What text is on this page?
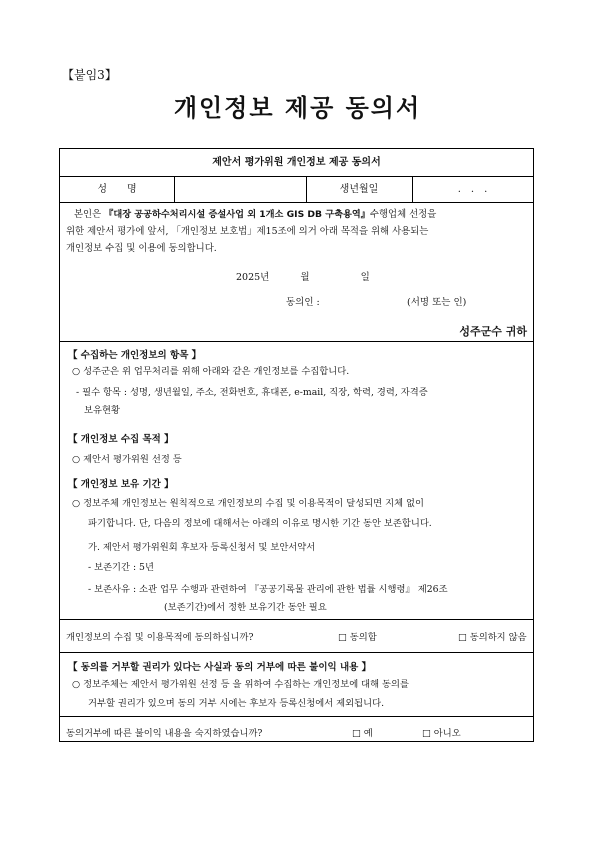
【붙임3】
개인정보 제공 동의서
제안서 평가위원 개인정보 제공 동의서
성　　명	생년월일	.　.　.

본인은 『대장 공공하수처리시설 증설사업 외 1개소 GIS DB 구축용역』수행업체 선정을

위한 제안서 평가에 앞서, 「개인정보 보호법」제15조에 의거 아래 목적을 위해 사용되는
개인정보 수집 및 이용에 동의합니다.
2025년	월	일
동의인 :	(서명 또는 인)
성주군수 귀하
【 수집하는 개인정보의 항목 】
○ 성주군은 위 업무처리를 위해 아래와 같은 개인정보를 수집합니다.
- 필수 항목 : 성명, 생년월일, 주소, 전화번호, 휴대폰, e-mail, 직장, 학력, 경력, 자격증
보유현황
【 개인정보 수집 목적 】
○ 제안서 평가위원 선정 등
【 개인정보 보유 기간 】
○ 정보주체 개인정보는 원칙적으로 개인정보의 수집 및 이용목적이 달성되면 지체 없이
파기합니다. 단, 다음의 정보에 대해서는 아래의 이유로 명시한 기간 동안 보존합니다.
가. 제안서 평가위원회 후보자 등록신청서 및 보안서약서
- 보존기간 : 5년
- 보존사유 : 소관 업무 수행과 관련하여 『공공기록물 관리에 관한 법률 시행령』 제26조
(보존기간)에서 정한 보유기간 동안 필요
개인정보의 수집 및 이용목적에 동의하십니까?	□ 동의함	□ 동의하지 않음
【 동의를 거부할 권리가 있다는 사실과 동의 거부에 따른 불이익 내용 】
○ 정보주체는 제안서 평가위원 선정 등 을 위하여 수집하는 개인정보에 대해 동의를
거부할 권리가 있으며 동의 거부 시에는 후보자 등록신청에서 제외됩니다.
동의거부에 따른 불이익 내용을 숙지하였습니까?	□ 예	□ 아니오
